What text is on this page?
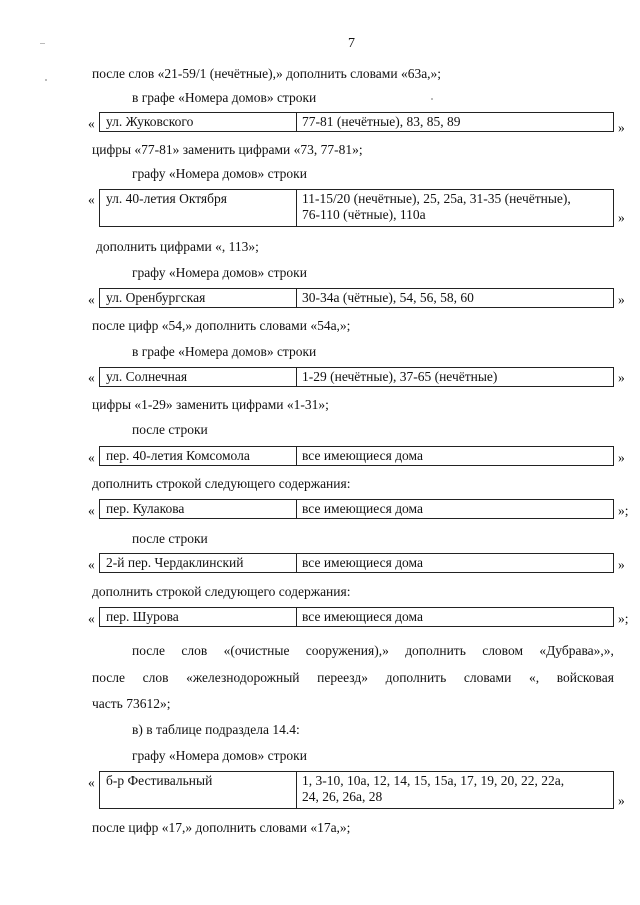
7
после слов «21-59/1 (нечётные),» дополнить словами «63а,»;
в графе «Номера домов» строки
« ул. Жуковского	77-81 (нечётные), 83, 85, 89	»
цифры «77-81» заменить цифрами «73, 77-81»;
графу «Номера домов» строки
« ул. 40-летия Октября	11-15/20 (нечётные), 25, 25а, 31-35 (нечётные),
76-110 (чётные), 110а	»
дополнить цифрами «, 113»;
графу «Номера домов» строки
« ул. Оренбургская	30-34а (чётные), 54, 56, 58, 60	»
после цифр «54,» дополнить словами «54а,»;
в графе «Номера домов» строки
« ул. Солнечная	1-29 (нечётные), 37-65 (нечётные)	»
цифры «1-29» заменить цифрами «1-31»;
после строки
« пер. 40-летия Комсомола	все имеющиеся дома	»
дополнить строкой следующего содержания:
« пер. Кулакова	все имеющиеся дома	»;
после строки
« 2-й пер. Чердаклинский	все имеющиеся дома	»
дополнить строкой следующего содержания:
« пер. Шурова	все имеющиеся дома	»;
после слов «(очистные сооружения),» дополнить словом «Дубрава»,»,
после слов «железнодорожный переезд» дополнить словами «, войсковая
часть 73612»;
в) в таблице подраздела 14.4:
графу «Номера домов» строки
« б-р Фестивальный	1, 3-10, 10а, 12, 14, 15, 15а, 17, 19, 20, 22, 22а,
24, 26, 26а, 28	»
после цифр «17,» дополнить словами «17а,»;
